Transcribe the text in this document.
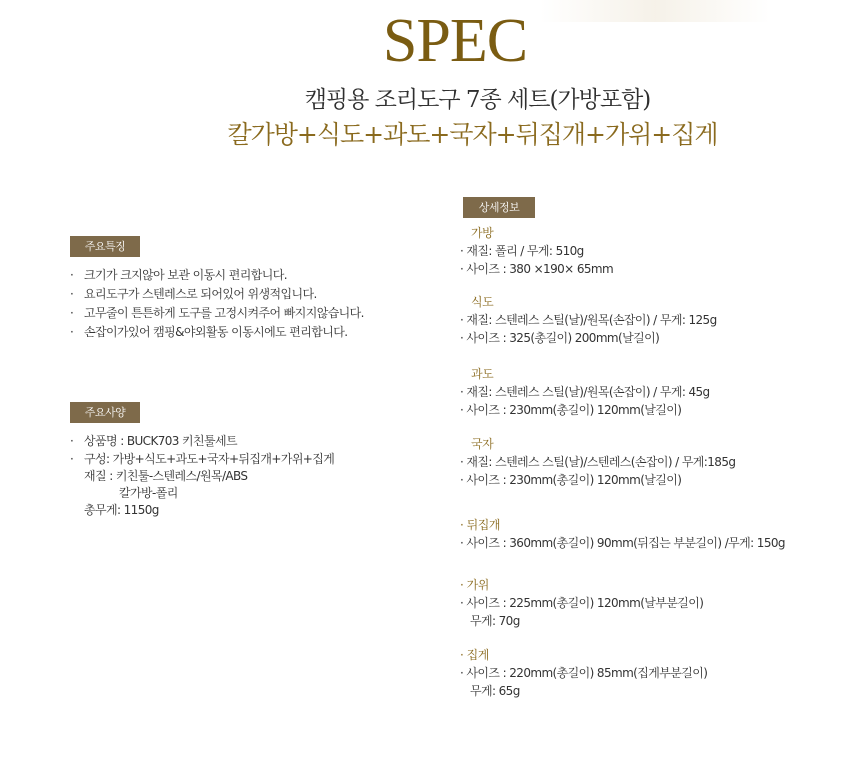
SPEC
캠핑용 조리도구 7종 세트(가방포함)
칼가방+식도+과도+국자+뒤집개+가위+집게
주요특징
· 크기가 크지않아 보관 이동시 편리합니다.
· 요리도구가 스텐레스로 되어있어 위생적입니다.
· 고무줄이 튼튼하게 도구를 고정시켜주어 빠지지않습니다.
· 손잡이가있어 캠핑&야외활동 이동시에도 편리합니다.
주요사양
· 상품명 : BUCK703 키친툴세트
· 구성: 가방+식도+과도+국자+뒤집개+가위+집게
재질 : 키친툴-스텐레스/원목/ABS
칼가방-폴리
총무게: 1150g
상세정보
가방
· 재질: 폴리 / 무게: 510g
· 사이즈 : 380 ×190× 65mm
식도
· 재질: 스텐레스 스틸(날)/원목(손잡이) / 무게: 125g
· 사이즈 : 325(총길이) 200mm(날길이)
과도
· 재질: 스텐레스 스틸(날)/원목(손잡이) / 무게: 45g
· 사이즈 : 230mm(총길이) 120mm(날길이)
국자
· 재질: 스텐레스 스틸(날)/스텐레스(손잡이) / 무게:185g
· 사이즈 : 230mm(총길이) 120mm(날길이)
· 뒤집개
· 사이즈 : 360mm(총길이) 90mm(뒤집는 부분길이) /무게: 150g
· 가위
· 사이즈 : 225mm(총길이) 120mm(날부분길이)
무게: 70g
· 집게
· 사이즈 : 220mm(총길이) 85mm(집게부분길이)
무게: 65g
